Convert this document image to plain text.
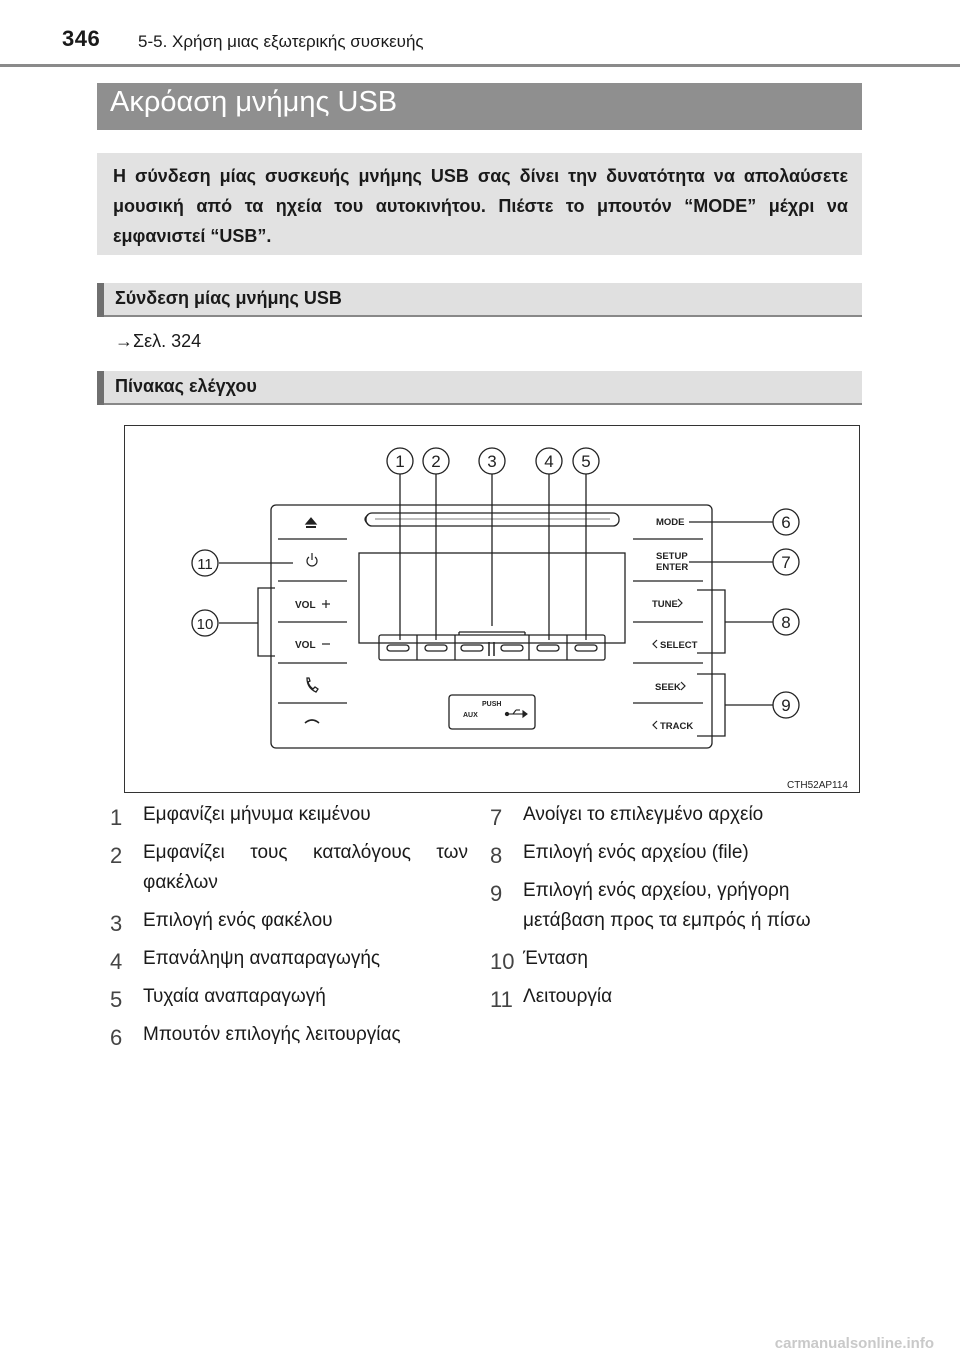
346 5-5. Χρήση μιας εξωτερικής συσκευής
Ακρόαση μνήμης USB
Η σύνδεση μίας συσκευής μνήμης USB σας δίνει την δυνατότητα να απολαύσετε μουσική από τα ηχεία του αυτοκινήτου. Πιέστε το μπουτόν “MODE” μέχρι να εμφανιστεί “USB”.
Σύνδεση μίας μνήμης USB
→Σελ. 324
Πίνακας ελέγχου
VOL
VOL
MODE
SETUP
ENTER
TUNE
SELECT
SEEK
TRACK
PUSH
AUX
1 2	3	4 5
6
7
8
9
10
11
CTH52AP114
1 Εμφανίζει μήνυμα κειμένου
2 Εμφανίζει τους καταλόγους των φακέλων
3 Επιλογή ενός φακέλου
4 Επανάληψη αναπαραγωγής
5 Τυχαία αναπαραγωγή
6 Μπουτόν επιλογής λειτουργίας
7 Ανοίγει το επιλεγμένο αρχείο
8 Επιλογή ενός αρχείου (file)
9 Επιλογή ενός αρχείου, γρήγορη μετάβαση προς τα εμπρός ή πίσω
10 Ένταση
11 Λειτουργία
carmanualsonline.info
